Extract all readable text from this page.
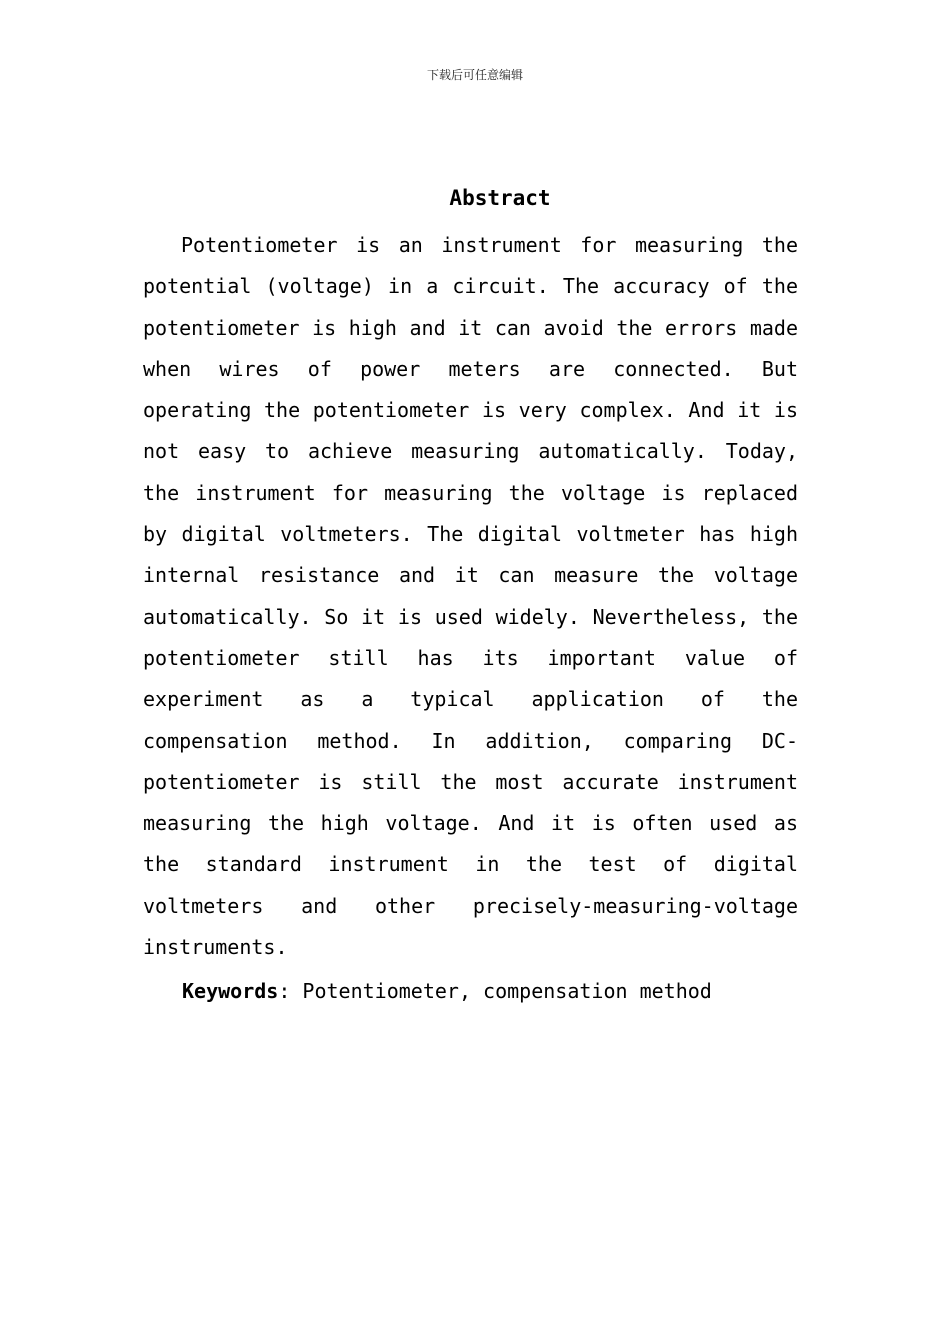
下载后可任意编辑
Abstract

Potentiometer is an instrument for measuring the potential (voltage) in a circuit. The accuracy of the potentiometer is high and it can avoid the errors made when wires of power meters are connected. But operating the potentiometer is very complex. And it is not easy to achieve measuring automatically. Today, the instrument for measuring the voltage is replaced by digital voltmeters. The digital voltmeter has high internal resistance and it can measure the voltage automatically. So it is used widely. Nevertheless, the potentiometer still has its important value of experiment as a typical application of the compensation method. In addition, comparing DC-potentiometer is still the most accurate instrument measuring the high voltage. And it is often used as the standard instrument in the test of digital voltmeters and other precisely-measuring-voltage instruments.

Keywords: Potentiometer, compensation method
